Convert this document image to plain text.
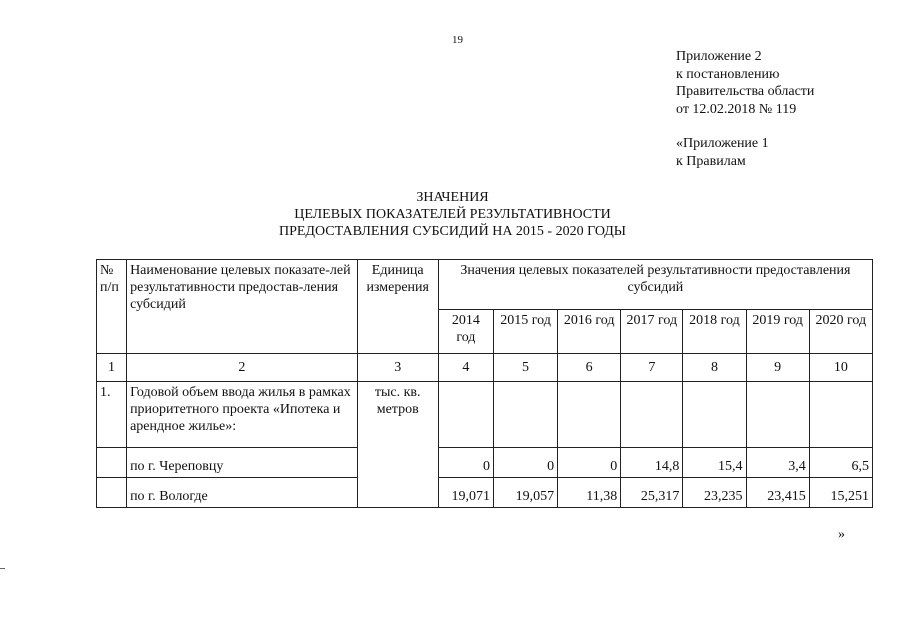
19
Приложение 2
к постановлению
Правительства области
от 12.02.2018 № 119
«Приложение 1
к Правилам
ЗНАЧЕНИЯ
ЦЕЛЕВЫХ ПОКАЗАТЕЛЕЙ РЕЗУЛЬТАТИВНОСТИ
ПРЕДОСТАВЛЕНИЯ СУБСИДИЙ НА 2015 - 2020 ГОДЫ
№ п/п	Наименование целевых показате-лей результативности предостав-ления субсидий	Единица измерения	Значения целевых показателей результативности предоставления субсидий						
			2014 год	2015 год	2016 год	2017 год	2018 год	2019 год	2020 год
1	2	3	4	5	6	7	8	9	10
1.	Годовой объем ввода жилья в рамках приоритетного проекта «Ипотека и арендное жилье»:	тыс. кв. метров							
	по г. Череповцу		0	0	0	14,8	15,4	3,4	6,5
	по г. Вологде		19,071	19,057	11,38	25,317	23,235	23,415	15,251
»
